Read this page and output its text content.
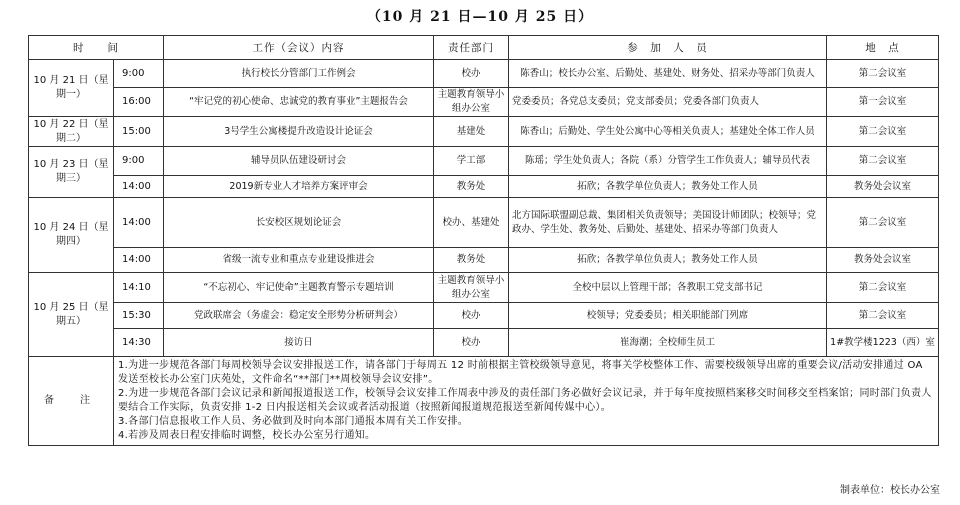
（10 月 21 日—10 月 25 日）
时　　间		工作（会议）内容	责任部门	参　加　人　员	地　点
10 月 21 日（星期一）	9:00	执行校长分管部门工作例会	校办	陈香山；校长办公室、后勤处、基建处、财务处、招采办等部门负责人	第二会议室
	16:00	“牢记党的初心使命、忠诚党的教育事业”主题报告会	主题教育领导小组办公室	党委委员；各党总支委员；党支部委员；党委各部门负责人	第一会议室
10 月 22 日（星期二）	15:00	3号学生公寓楼提升改造设计论证会	基建处	陈香山；后勤处、学生处公寓中心等相关负责人；基建处全体工作人员	第二会议室
10 月 23 日（星期三）	9:00	辅导员队伍建设研讨会	学工部	陈瑶；学生处负责人；各院（系）分管学生工作负责人；辅导员代表	第二会议室
	14:00	2019新专业人才培养方案评审会	教务处	拓欣；各教学单位负责人；教务处工作人员	教务处会议室
10 月 24 日（星期四）	14:00	长安校区规划论证会	校办、基建处	北方国际联盟副总裁、集团相关负责领导；美国设计师团队；校领导；党政办、学生处、教务处、后勤处、基建处、招采办等部门负责人	第二会议室
	14:00	省级一流专业和重点专业建设推进会	教务处	拓欣；各教学单位负责人；教务处工作人员	教务处会议室
10 月 25 日（星期五）	14:10	“不忘初心、牢记使命”主题教育警示专题培训	主题教育领导小组办公室	全校中层以上管理干部；各教职工党支部书记	第二会议室
	15:30	党政联席会（务虚会：稳定安全形势分析研判会）	校办	校领导；党委委员；相关职能部门列席	第二会议室
	14:30	接访日	校办	崔海潮；全校师生员工	1#教学楼1223（西）室
备　注	1.为进一步规范各部门每周校领导会议安排报送工作，请各部门于每周五 12 时前根据主管校级领导意见，将事关学校整体工作、需要校级领导出席的重要会议/活动安排通过 OA 发送至校长办公室门庆苑处，文件命名“**部门**周校领导会议安排”。
2.为进一步规范各部门会议记录和新闻报道报送工作，校领导会议安排工作周表中涉及的责任部门务必做好会议记录，并于每年度按照档案移交时间移交至档案馆；同时部门负责人要结合工作实际，负责安排 1-2 日内报送相关会议或者活动报道（按照新闻报道规范报送至新闻传媒中心）。
3.各部门信息报收工作人员、务必做到及时向本部门通报本周有关工作安排。
4.若涉及周表日程安排临时调整，校长办公室另行通知。				
制表单位：校长办公室
